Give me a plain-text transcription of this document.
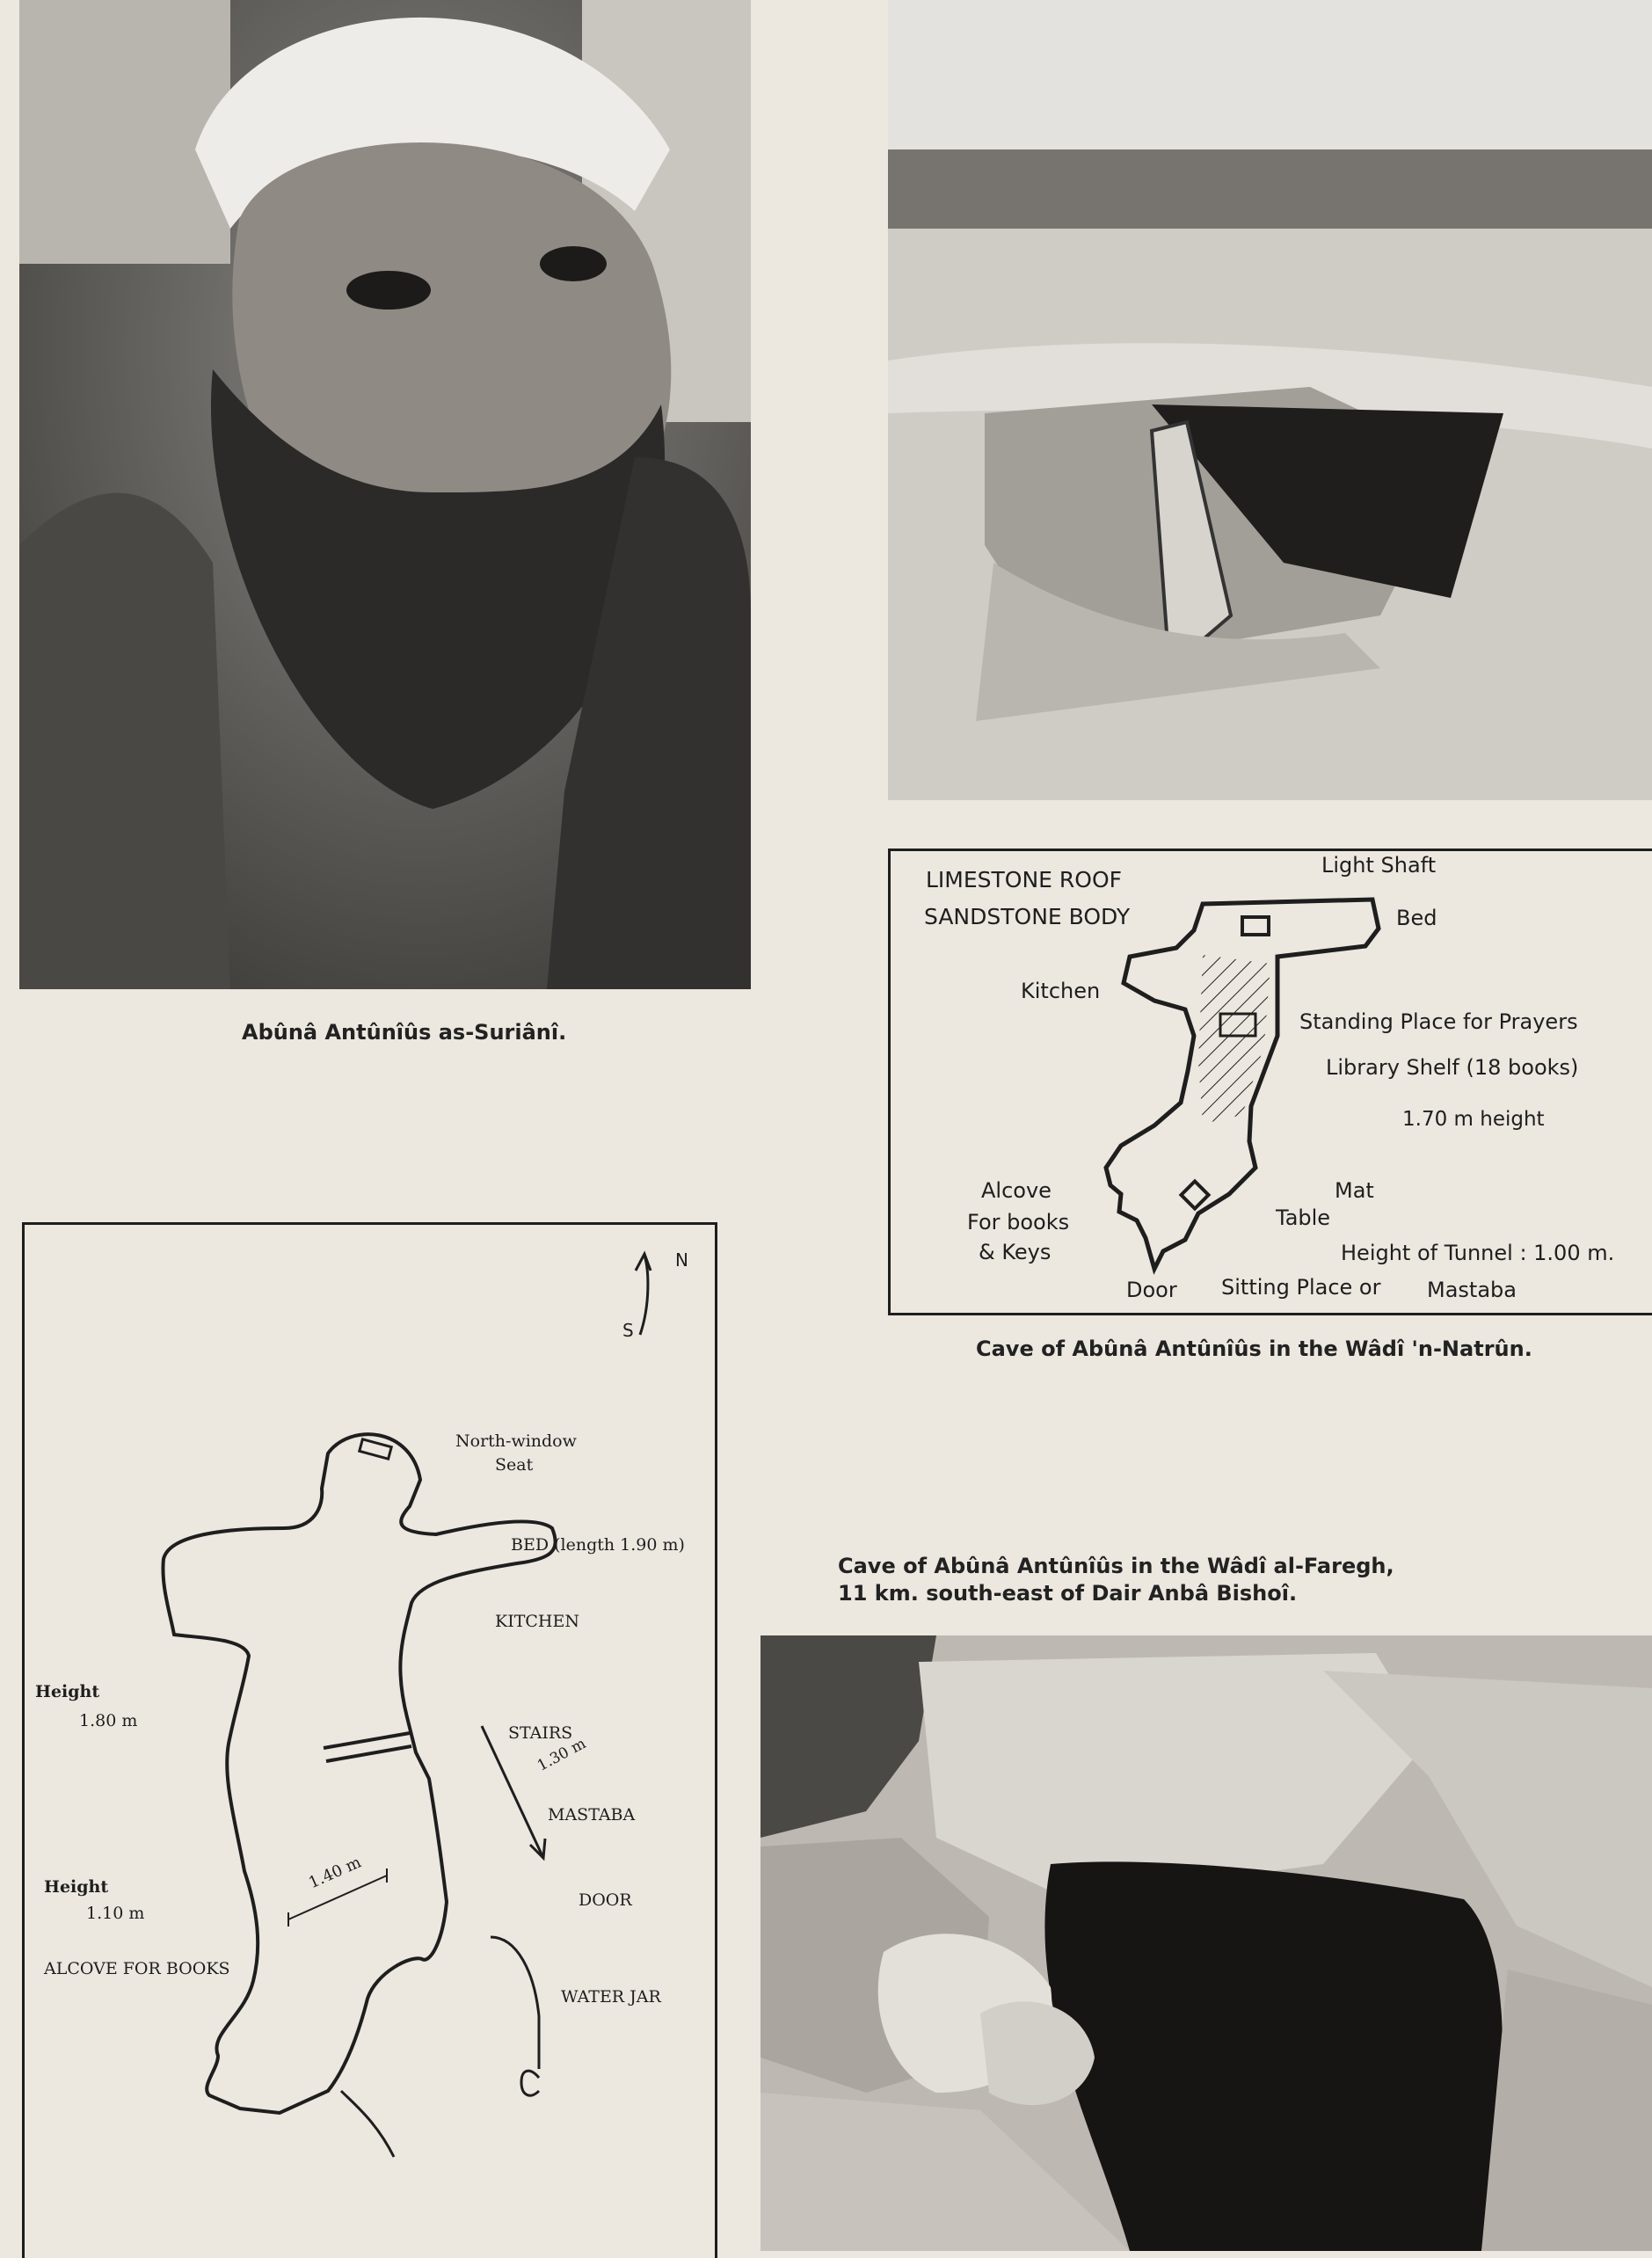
LIMESTONE ROOF
SANDSTONE BODY
Light Shaft
Bed
Kitchen
Standing Place for Prayers
Library Shelf (18 books)
1.70 m height
Alcove
For books
& Keys
Mat
Table
Height of Tunnel : 1.00 m.
Door Sitting Place or Mastaba
Abûnâ Antûnîûs as-Suriânî.
Cave of Abûnâ Antûnîûs in the Wâdî 'n-Natrûn.
Cave of Abûnâ Antûnîûs in the Wâdî al-Faregh,
11 km. south-east of Dair Anbâ Bishoî.
N
S
North-window
Seat
BED (length 1.90 m)
KITCHEN
Height
1.80 m
STAIRS
1.30 m
MASTABA
Height
1.10 m
1.40 m
DOOR
ALCOVE FOR BOOKS
WATER JAR
